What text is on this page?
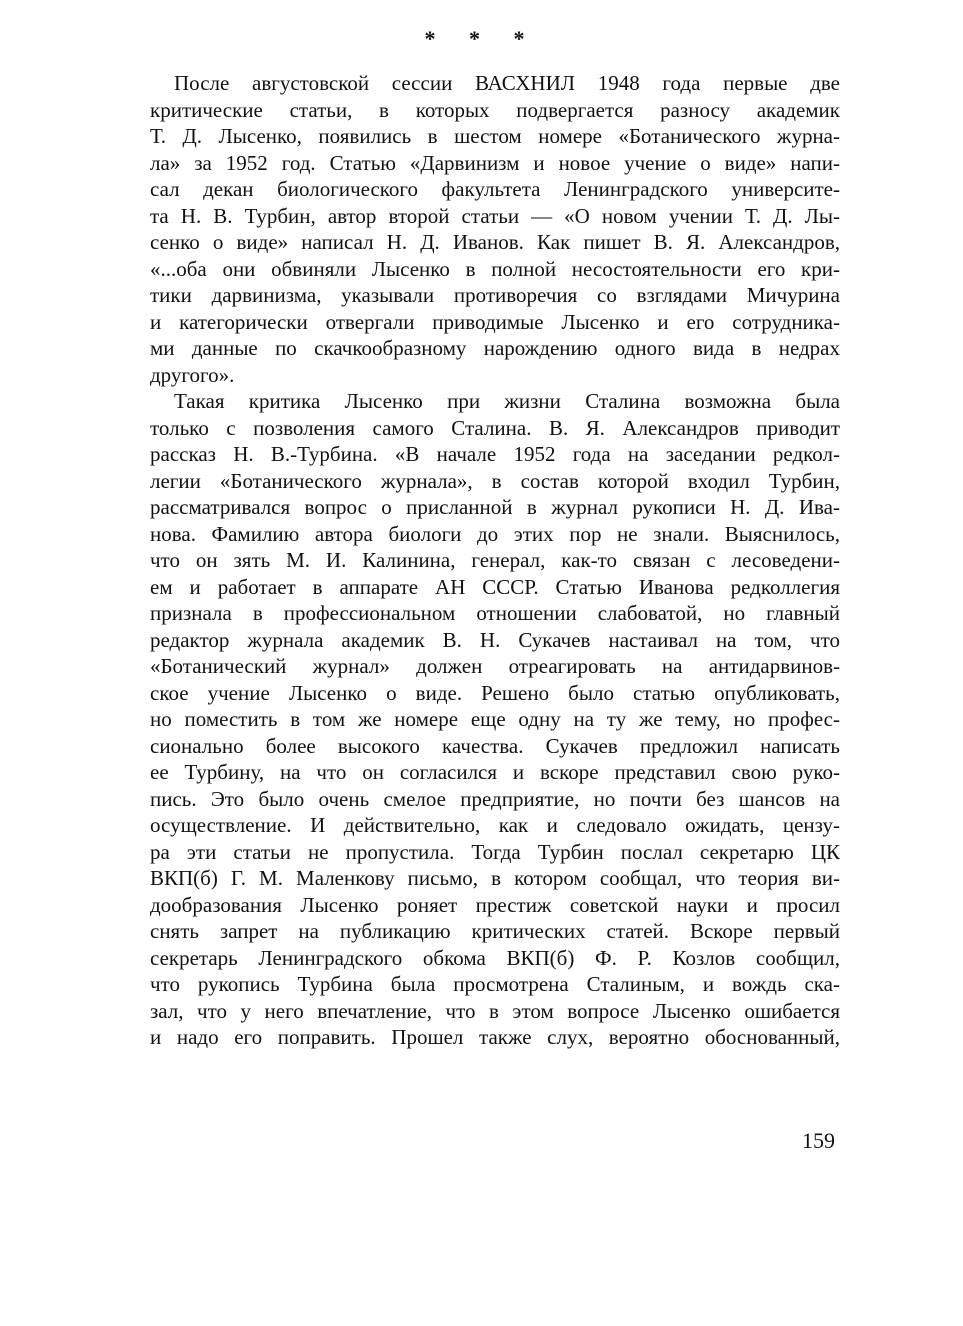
* * *
После августовской сессии ВАСХНИЛ 1948 года первые две
критические статьи, в которых подвергается разносу академик
Т. Д. Лысенко, появились в шестом номере «Ботанического журна-
ла» за 1952 год. Статью «Дарвинизм и новое учение о виде» напи-
сал декан биологического факультета Ленинградского университе-
та Н. В. Турбин, автор второй статьи — «О новом учении Т. Д. Лы-
сенко о виде» написал Н. Д. Иванов. Как пишет В. Я. Александров,
«...оба они обвиняли Лысенко в полной несостоятельности его кри-
тики дарвинизма, указывали противоречия со взглядами Мичурина
и категорически отвергали приводимые Лысенко и его сотрудника-
ми данные по скачкообразному нарождению одного вида в недрах
другого».
Такая критика Лысенко при жизни Сталина возможна была
только с позволения самого Сталина. В. Я. Александров приводит
рассказ Н. В.-Турбина. «В начале 1952 года на заседании редкол-
легии «Ботанического журнала», в состав которой входил Турбин,
рассматривался вопрос о присланной в журнал рукописи Н. Д. Ива-
нова. Фамилию автора биологи до этих пор не знали. Выяснилось,
что он зять М. И. Калинина, генерал, как-то связан с лесоведени-
ем и работает в аппарате АН СССР. Статью Иванова редколлегия
признала в профессиональном отношении слабоватой, но главный
редактор журнала академик В. Н. Сукачев настаивал на том, что
«Ботанический журнал» должен отреагировать на антидарвинов-
ское учение Лысенко о виде. Решено было статью опубликовать,
но поместить в том же номере еще одну на ту же тему, но профес-
сионально более высокого качества. Сукачев предложил написать
ее Турбину, на что он согласился и вскоре представил свою руко-
пись. Это было очень смелое предприятие, но почти без шансов на
осуществление. И действительно, как и следовало ожидать, цензу-
ра эти статьи не пропустила. Тогда Турбин послал секретарю ЦК
ВКП(б) Г. М. Маленкову письмо, в котором сообщал, что теория ви-
дообразования Лысенко роняет престиж советской науки и просил
снять запрет на публикацию критических статей. Вскоре первый
секретарь Ленинградского обкома ВКП(б) Ф. Р. Козлов сообщил,
что рукопись Турбина была просмотрена Сталиным, и вождь ска-
зал, что у него впечатление, что в этом вопросе Лысенко ошибается
и надо его поправить. Прошел также слух, вероятно обоснованный,
159
